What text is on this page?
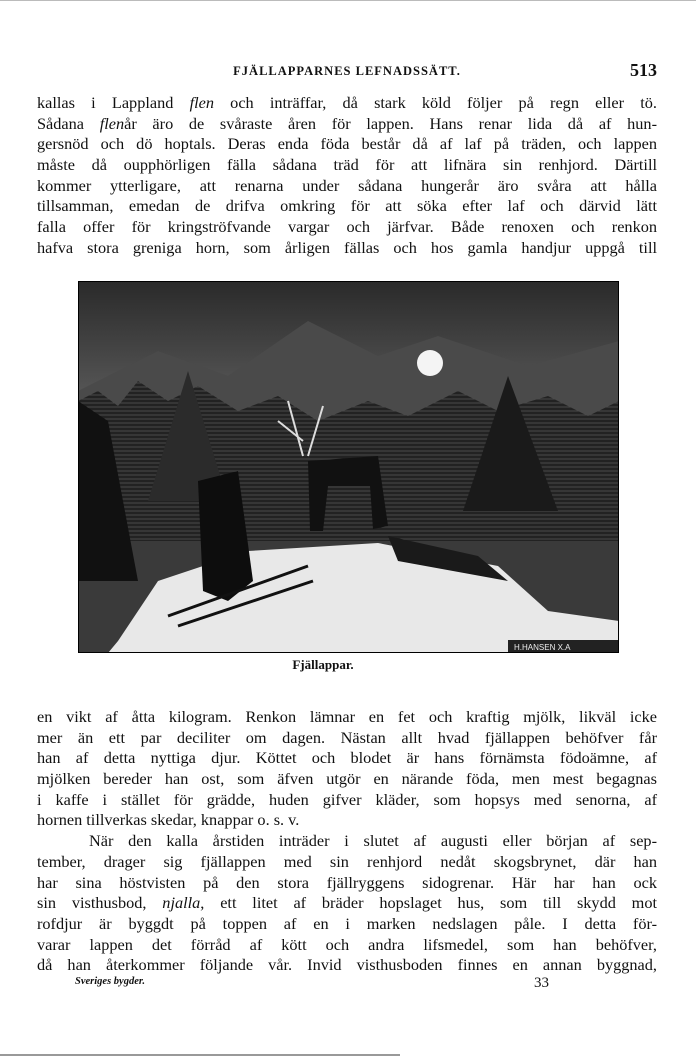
FJÄLLAPPARNES LEFNADSSÄTT.	513
kallas i Lappland flen och inträffar, då stark köld följer på regn eller tö.
Sådana flenår äro de svåraste åren för lappen. Hans renar lida då af hun-
gersnöd och dö hoptals. Deras enda föda består då af laf på träden, och lappen
måste då oupphörligen fälla sådana träd för att lifnära sin renhjord. Därtill
kommer ytterligare, att renarna under sådana hungerår äro svåra att hålla
tillsamman, emedan de drifva omkring för att söka efter laf och därvid lätt
falla offer för kringströfvande vargar och järfvar. Både renoxen och renkon
hafva stora greniga horn, som årligen fällas och hos gamla handjur uppgå till
H.HANSEN X.A
Fjällappar.
en vikt af åtta kilogram. Renkon lämnar en fet och kraftig mjölk, likväl icke
mer än ett par deciliter om dagen. Nästan allt hvad fjällappen behöfver får
han af detta nyttiga djur. Köttet och blodet är hans förnämsta födoämne, af
mjölken bereder han ost, som äfven utgör en närande föda, men mest begagnas
i kaffe i stället för grädde, huden gifver kläder, som hopsys med senorna, af
hornen tillverkas skedar, knappar o. s. v.
När den kalla årstiden inträder i slutet af augusti eller början af sep-
tember, drager sig fjällappen med sin renhjord nedåt skogsbrynet, där han
har sina höstvisten på den stora fjällryggens sidogrenar. Här har han ock
sin visthusbod, njalla, ett litet af bräder hopslaget hus, som till skydd mot
rofdjur är byggdt på toppen af en i marken nedslagen påle. I detta för-
varar lappen det förråd af kött och andra lifsmedel, som han behöfver,
då han återkommer följande vår. Invid visthusboden finnes en annan byggnad,
Sveriges bygder.	33
